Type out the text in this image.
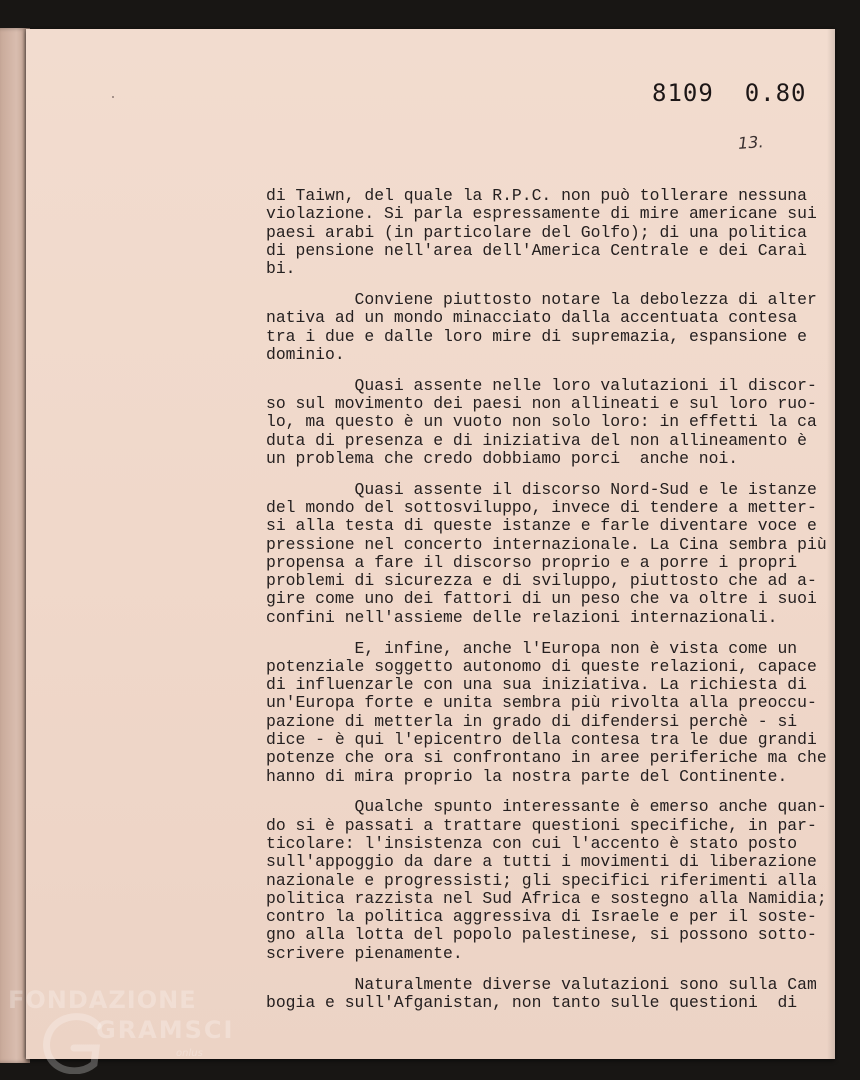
8109  0.80
13.

di Taiwn, del quale la R.P.C. non può tollerare nessuna
violazione. Si parla espressamente di mire americane sui
paesi arabi (in particolare del Golfo); di una politica
di pensione nell'area dell'America Centrale e dei Caraì
bi.

Conviene piuttosto notare la debolezza di alter
nativa ad un mondo minacciato dalla accentuata contesa
tra i due e dalle loro mire di supremazia, espansione e
dominio.

Quasi assente nelle loro valutazioni il discor-
so sul movimento dei paesi non allineati e sul loro ruo-
lo, ma questo è un vuoto non solo loro: in effetti la ca
duta di presenza e di iniziativa del non allineamento è
un problema che credo dobbiamo porci  anche noi.

Quasi assente il discorso Nord-Sud e le istanze
del mondo del sottosviluppo, invece di tendere a metter-
si alla testa di queste istanze e farle diventare voce e
pressione nel concerto internazionale. La Cina sembra più
propensa a fare il discorso proprio e a porre i propri
problemi di sicurezza e di sviluppo, piuttosto che ad a-
gire come uno dei fattori di un peso che va oltre i suoi
confini nell'assieme delle relazioni internazionali.

E, infine, anche l'Europa non è vista come un
potenziale soggetto autonomo di queste relazioni, capace
di influenzarle con una sua iniziativa. La richiesta di
un'Europa forte e unita sembra più rivolta alla preoccu-
pazione di metterla in grado di difendersi perchè - si
dice - è qui l'epicentro della contesa tra le due grandi
potenze che ora si confrontano in aree periferiche ma che
hanno di mira proprio la nostra parte del Continente.

Qualche spunto interessante è emerso anche quan-
do si è passati a trattare questioni specifiche, in par-
ticolare: l'insistenza con cui l'accento è stato posto
sull'appoggio da dare a tutti i movimenti di liberazione
nazionale e progressisti; gli specifici riferimenti alla
politica razzista nel Sud Africa e sostegno alla Namidia;
contro la politica aggressiva di Israele e per il soste-
gno alla lotta del popolo palestinese, si possono sotto-
scrivere pienamente.

Naturalmente diverse valutazioni sono sulla Cam
bogia e sull'Afganistan, non tanto sulle questioni  di

FONDAZIONE
GRAMSCI
onlus
